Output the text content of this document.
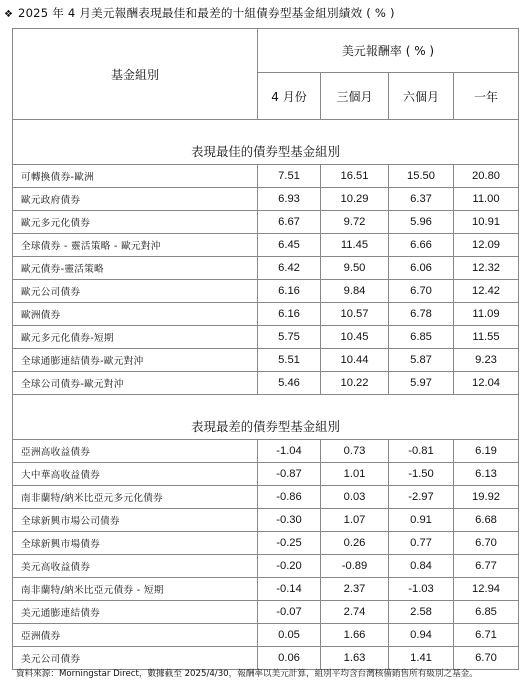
❖ 2025 年 4 月美元報酬表現最佳和最差的十組債券型基金組別績效 ( % )
基金組別	美元報酬率 ( % )			
	4 月份	三個月	六個月	一年
表現最佳的債券型基金組別				
可轉換債券-歐洲	7.51	16.51	15.50	20.80
歐元政府債券	6.93	10.29	6.37	11.00
歐元多元化債券	6.67	9.72	5.96	10.91
全球債券 - 靈活策略 - 歐元對沖	6.45	11.45	6.66	12.09
歐元債券-靈活策略	6.42	9.50	6.06	12.32
歐元公司債券	6.16	9.84	6.70	12.42
歐洲債券	6.16	10.57	6.78	11.09
歐元多元化債券-短期	5.75	10.45	6.85	11.55
全球通膨連結債券-歐元對沖	5.51	10.44	5.87	9.23
全球公司債券-歐元對沖	5.46	10.22	5.97	12.04
表現最差的債券型基金組別				
亞洲高收益債券	-1.04	0.73	-0.81	6.19
大中華高收益債券	-0.87	1.01	-1.50	6.13
南非蘭特/納米比亞元多元化債券	-0.86	0.03	-2.97	19.92
全球新興市場公司債券	-0.30	1.07	0.91	6.68
全球新興市場債券	-0.25	0.26	0.77	6.70
美元高收益債券	-0.20	-0.89	0.84	6.77
南非蘭特/納米比亞元債券 - 短期	-0.14	2.37	-1.03	12.94
美元通膨連結債券	-0.07	2.74	2.58	6.85
亞洲債券	0.05	1.66	0.94	6.71
美元公司債券	0.06	1.63	1.41	6.70
資料來源：Morningstar Direct，數據截至 2025/4/30，報酬率以美元計算，組別平均含台灣核備銷售所有級別之基金。
